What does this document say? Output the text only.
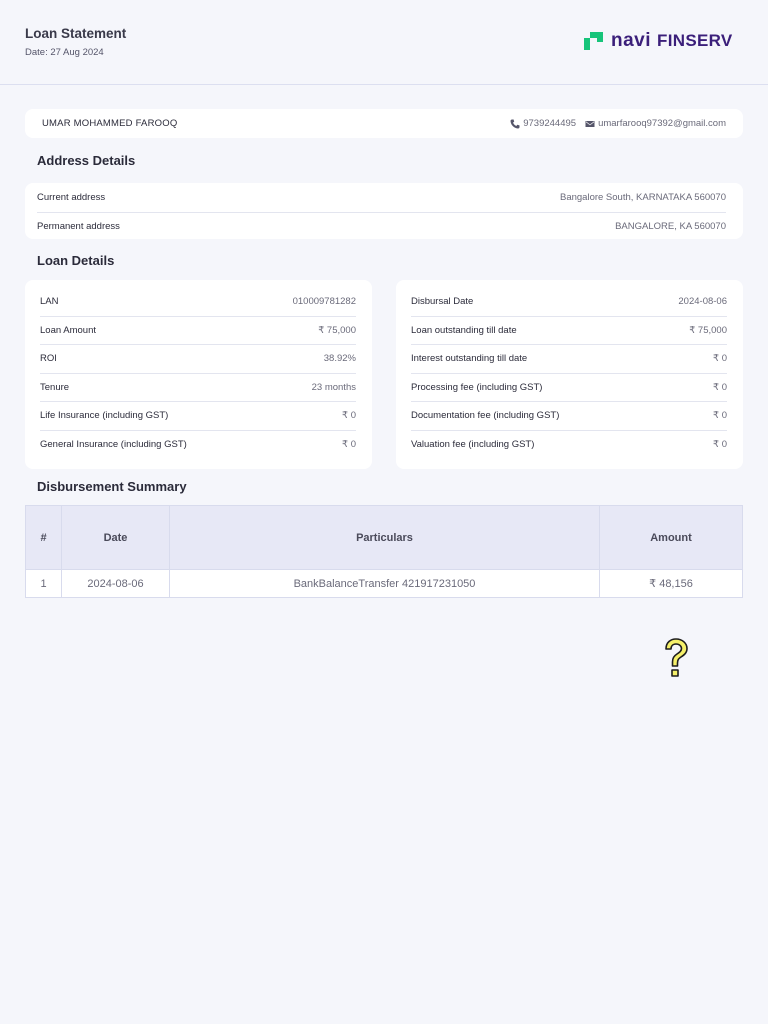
Loan Statement
Date: 27 Aug 2024
navi FINSERV
UMAR MOHAMMED FAROOQ	9739244495 umarfarooq97392@gmail.com
Address Details
Current address	Bangalore South, KARNATAKA 560070
Permanent address	BANGALORE, KA 560070
Loan Details
LAN	010009781282
Loan Amount	₹ 75,000
ROI	38.92%
Tenure	23 months
Life Insurance (including GST)	₹ 0
General Insurance (including GST)	₹ 0
Disbursal Date	2024-08-06
Loan outstanding till date	₹ 75,000
Interest outstanding till date	₹ 0
Processing fee (including GST)	₹ 0
Documentation fee (including GST)	₹ 0
Valuation fee (including GST)	₹ 0
Disbursement Summary
#	Date	Particulars	Amount
1	2024-08-06	BankBalanceTransfer 421917231050	₹ 48,156
